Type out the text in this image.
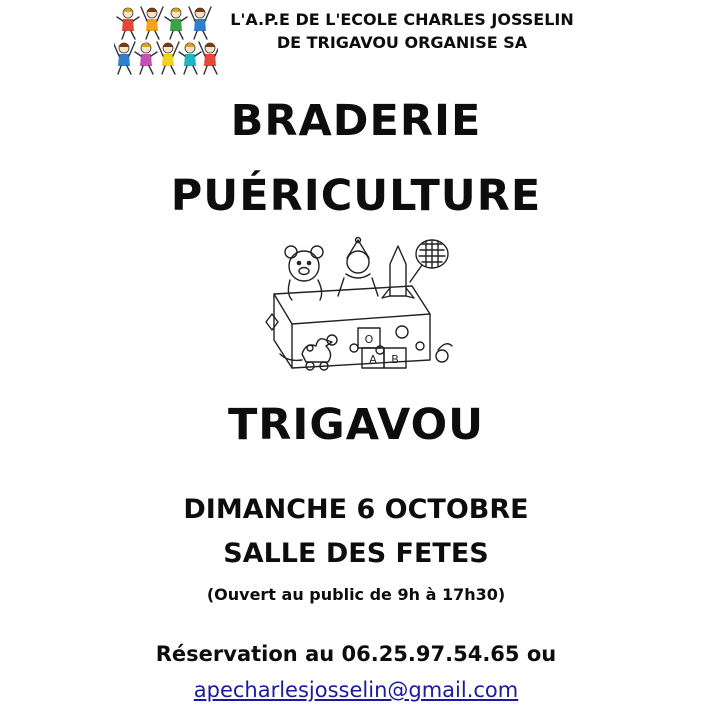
L'A.P.E DE L'ECOLE CHARLES JOSSELIN
DE TRIGAVOU ORGANISE SA
BRADERIE
PUÉRICULTURE
O
A B
TRIGAVOU
DIMANCHE 6 OCTOBRE
SALLE DES FETES
(Ouvert au public de 9h à 17h30)
Réservation au 06.25.97.54.65 ou
apecharlesjosselin@gmail.com
